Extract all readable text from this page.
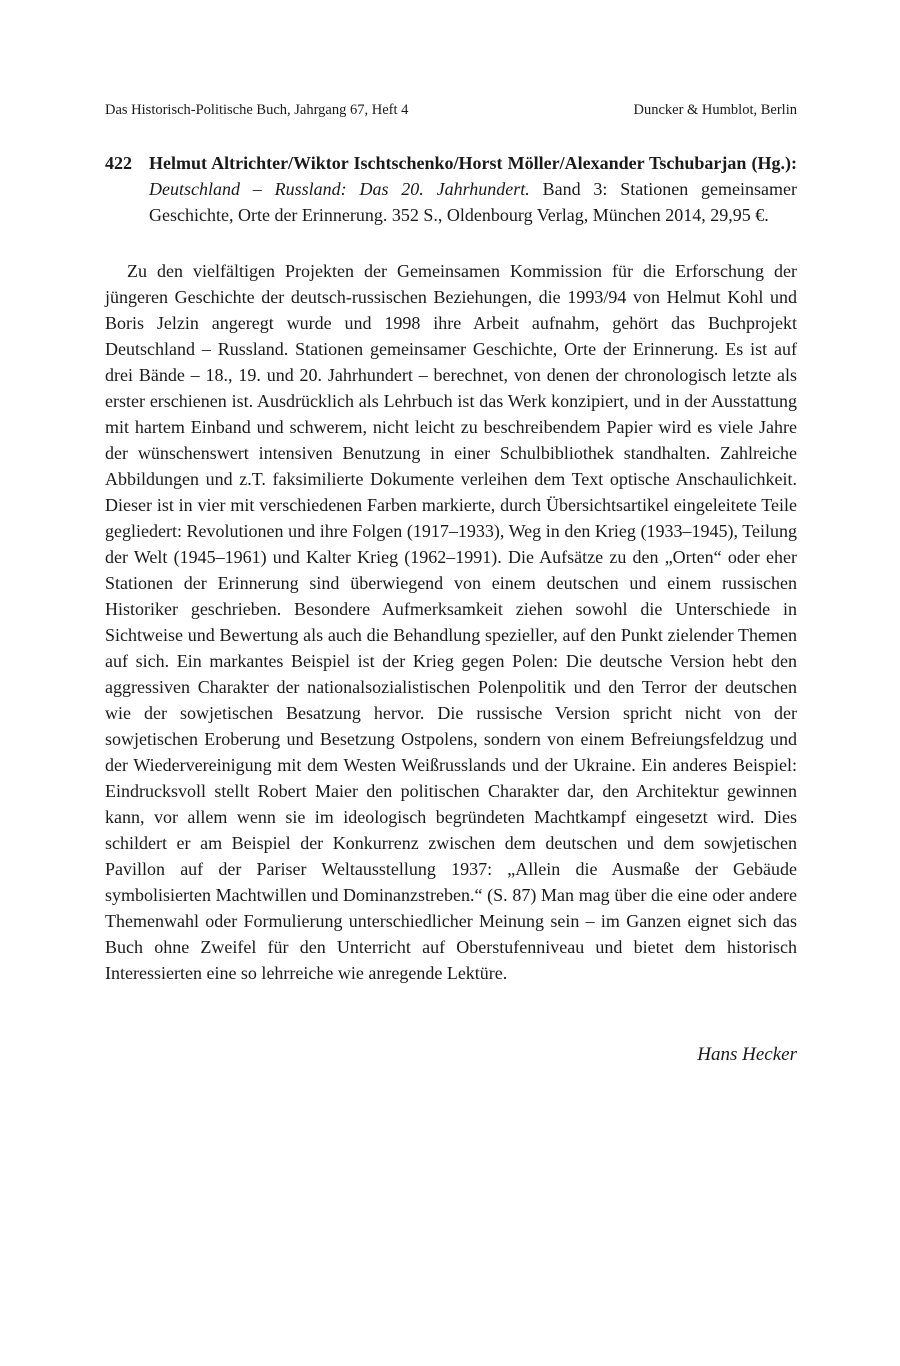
Das Historisch-Politische Buch, Jahrgang 67, Heft 4	Duncker & Humblot, Berlin
422 Helmut Altrichter/Wiktor Ischtschenko/Horst Möller/Alexander Tschubarjan (Hg.): Deutschland – Russland: Das 20. Jahrhundert. Band 3: Stationen gemeinsamer Geschichte, Orte der Erinnerung. 352 S., Oldenbourg Verlag, München 2014, 29,95 €.

Zu den vielfältigen Projekten der Gemeinsamen Kommission für die Erforschung der jüngeren Geschichte der deutsch-russischen Beziehungen, die 1993/94 von Helmut Kohl und Boris Jelzin angeregt wurde und 1998 ihre Arbeit aufnahm, gehört das Buchprojekt Deutschland – Russland. Stationen gemeinsamer Geschichte, Orte der Erinnerung. Es ist auf drei Bände – 18., 19. und 20. Jahrhundert – berechnet, von denen der chronologisch letzte als erster erschienen ist. Ausdrücklich als Lehrbuch ist das Werk konzipiert, und in der Ausstattung mit hartem Einband und schwerem, nicht leicht zu beschreibendem Papier wird es viele Jahre der wünschenswert intensiven Benutzung in einer Schulbibliothek standhalten. Zahlreiche Abbildungen und z.T. faksimilierte Dokumente verleihen dem Text optische Anschaulichkeit. Dieser ist in vier mit verschiedenen Farben markierte, durch Übersichtsartikel eingeleitete Teile gegliedert: Revolutionen und ihre Folgen (1917–1933), Weg in den Krieg (1933–1945), Teilung der Welt (1945–1961) und Kalter Krieg (1962–1991). Die Aufsätze zu den „Orten“ oder eher Stationen der Erinnerung sind überwiegend von einem deutschen und einem russischen Historiker geschrieben. Besondere Aufmerksamkeit ziehen sowohl die Unterschiede in Sichtweise und Bewertung als auch die Behandlung spezieller, auf den Punkt zielender Themen auf sich. Ein markantes Beispiel ist der Krieg gegen Polen: Die deutsche Version hebt den aggressiven Charakter der nationalsozialistischen Polenpolitik und den Terror der deutschen wie der sowjetischen Besatzung hervor. Die russische Version spricht nicht von der sowjetischen Eroberung und Besetzung Ostpolens, sondern von einem Befreiungsfeldzug und der Wiedervereinigung mit dem Westen Weißrusslands und der Ukraine. Ein anderes Beispiel: Eindrucksvoll stellt Robert Maier den politischen Charakter dar, den Architektur gewinnen kann, vor allem wenn sie im ideologisch begründeten Machtkampf eingesetzt wird. Dies schildert er am Beispiel der Konkurrenz zwischen dem deutschen und dem sowjetischen Pavillon auf der Pariser Weltausstellung 1937: „Allein die Ausmaße der Gebäude symbolisierten Machtwillen und Dominanzstreben.“ (S. 87) Man mag über die eine oder andere Themenwahl oder Formulierung unterschiedlicher Meinung sein – im Ganzen eignet sich das Buch ohne Zweifel für den Unterricht auf Oberstufenniveau und bietet dem historisch Interessierten eine so lehrreiche wie anregende Lektüre.

Hans Hecker
